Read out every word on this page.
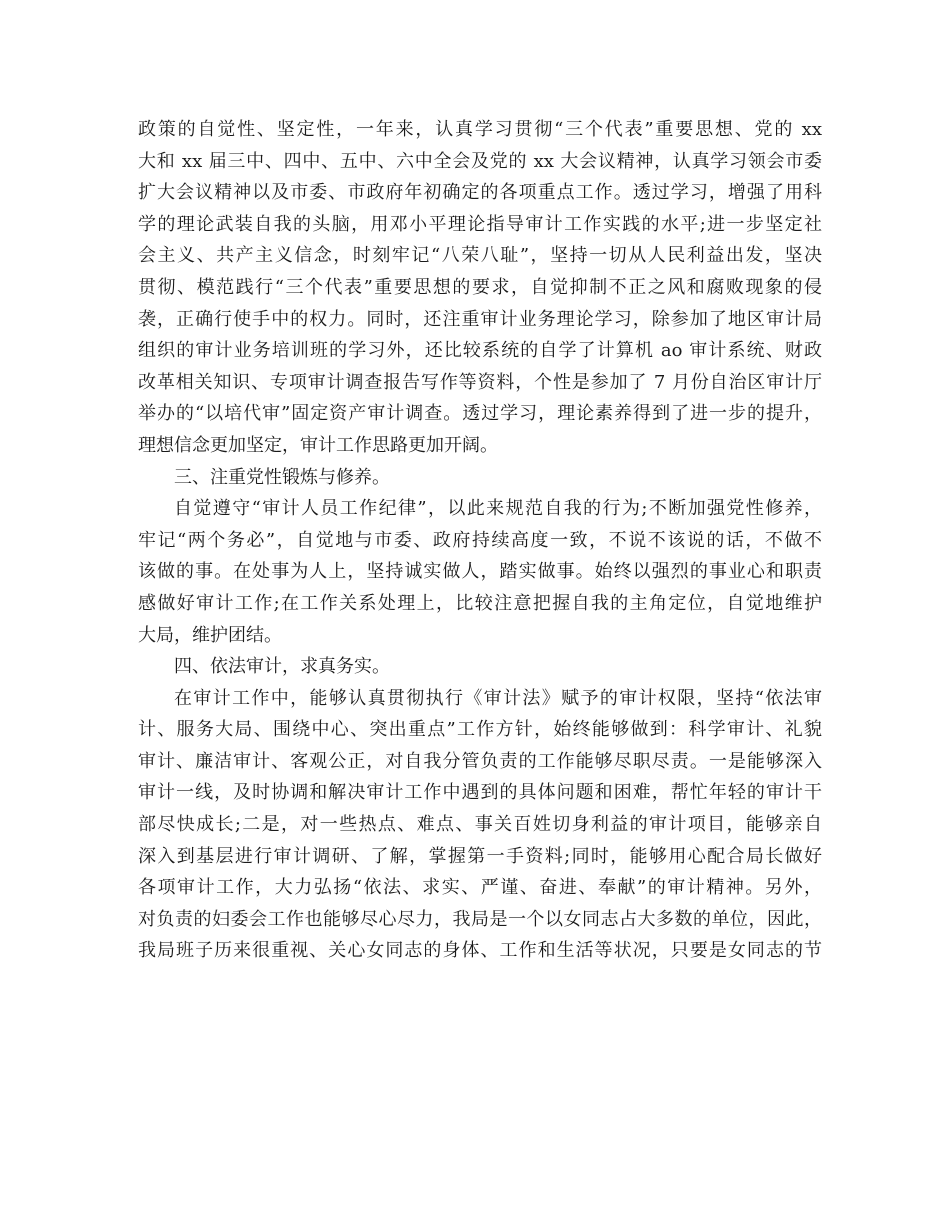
政策的自觉性、坚定性，一年来，认真学习贯彻“三个代表”重要思想、党的 xx
大和 xx 届三中、四中、五中、六中全会及党的 xx 大会议精神，认真学习领会市委
扩大会议精神以及市委、市政府年初确定的各项重点工作。透过学习，增强了用科
学的理论武装自我的头脑，用邓小平理论指导审计工作实践的水平;进一步坚定社
会主义、共产主义信念，时刻牢记“八荣八耻”，坚持一切从人民利益出发，坚决
贯彻、模范践行“三个代表”重要思想的要求，自觉抑制不正之风和腐败现象的侵
袭，正确行使手中的权力。同时，还注重审计业务理论学习，除参加了地区审计局
组织的审计业务培训班的学习外，还比较系统的自学了计算机 ao 审计系统、财政
改革相关知识、专项审计调查报告写作等资料，个性是参加了 7 月份自治区审计厅
举办的“以培代审”固定资产审计调查。透过学习，理论素养得到了进一步的提升，
理想信念更加坚定，审计工作思路更加开阔。

三、注重党性锻炼与修养。

自觉遵守“审计人员工作纪律”，以此来规范自我的行为;不断加强党性修养，
牢记“两个务必”，自觉地与市委、政府持续高度一致，不说不该说的话，不做不
该做的事。在处事为人上，坚持诚实做人，踏实做事。始终以强烈的事业心和职责
感做好审计工作;在工作关系处理上，比较注意把握自我的主角定位，自觉地维护
大局，维护团结。

四、依法审计，求真务实。

在审计工作中，能够认真贯彻执行《审计法》赋予的审计权限，坚持“依法审
计、服务大局、围绕中心、突出重点”工作方针，始终能够做到：科学审计、礼貌
审计、廉洁审计、客观公正，对自我分管负责的工作能够尽职尽责。一是能够深入
审计一线，及时协调和解决审计工作中遇到的具体问题和困难，帮忙年轻的审计干
部尽快成长;二是，对一些热点、难点、事关百姓切身利益的审计项目，能够亲自
深入到基层进行审计调研、了解，掌握第一手资料;同时，能够用心配合局长做好
各项审计工作，大力弘扬“依法、求实、严谨、奋进、奉献”的审计精神。另外，
对负责的妇委会工作也能够尽心尽力，我局是一个以女同志占大多数的单位，因此，
我局班子历来很重视、关心女同志的身体、工作和生活等状况，只要是女同志的节
